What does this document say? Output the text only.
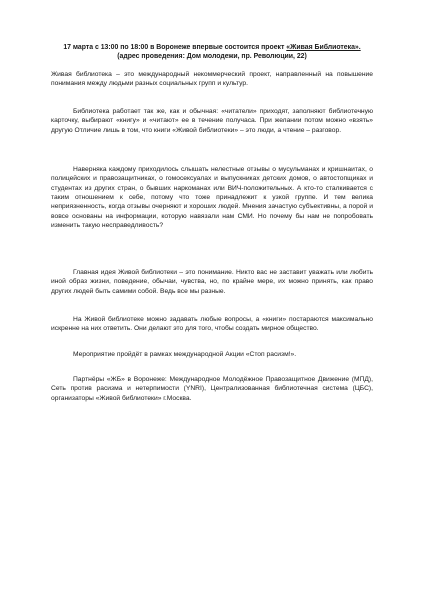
17 марта с 13:00 по 18:00 в Воронеже впервые состоится проект «Живая Библиотека».
(адрес проведения: Дом молодежи, пр. Революции, 22)

Живая библиотека – это международный некоммерческий проект, направленный на повышение понимания между людьми разных социальных групп и культур.

Библиотека работает так же, как и обычная: «читатели» приходят, заполняют библиотечную карточку, выбирают «книгу» и «читают» ее в течение получаса. При желании потом можно «взять» другую Отличие лишь в том, что книги «Живой библиотеки» – это люди, а чтение – разговор.

Наверняка каждому приходилось слышать нелестные отзывы о мусульманах и кришнаитах, о полицейских и правозащитниках, о гомосексуалах и выпускниках детских домов, о автостопщиках и студентах из других стран, о бывших наркоманах или ВИЧ-положительных. А кто-то сталкивается с таким отношением к себе, потому что тоже принадлежит к узкой группе. И тем велика неприязненность, когда отзывы очерняют и хороших людей. Мнения зачастую субъективны, а порой и вовсе основаны на информации, которую навязали нам СМИ. Но почему бы нам не попробовать изменить такую несправедливость?

Главная идея Живой библиотеки – это понимание. Никто вас не заставит уважать или любить иной образ жизни, поведение, обычаи, чувства, но, по крайне мере, их можно принять, как право других людей быть самими собой. Ведь все мы разные.

На Живой библиотеке можно задавать любые вопросы, а «книги» постараются максимально искренне на них ответить. Они делают это для того, чтобы создать мирное общество.

Мероприятие пройдёт в рамках международной Акции «Стоп расизм!».

Партнёры «ЖБ» в Воронеже: Международное Молодёжное Правозащитное Движение (МПД), Сеть против расизма и нетерпимости (YNRI), Централизованная библиотечная система (ЦБС), организаторы «Живой библиотеки» г.Москва.
